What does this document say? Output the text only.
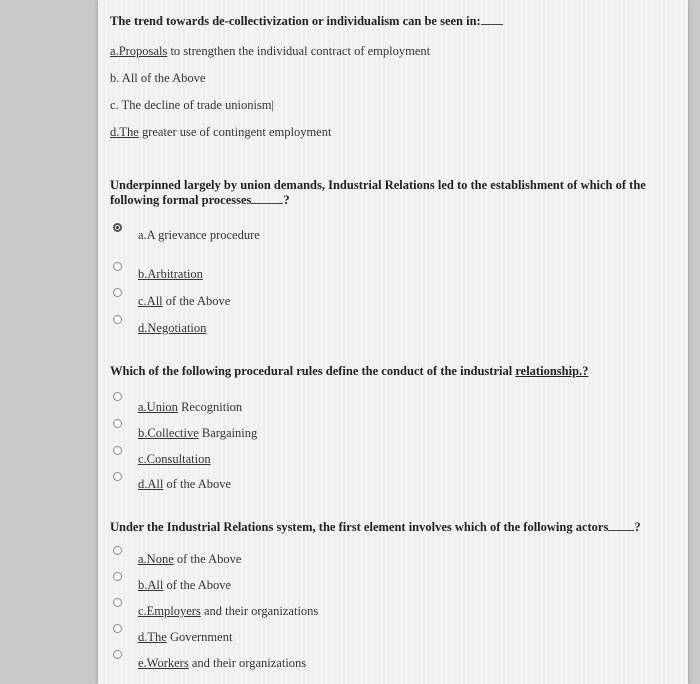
The trend towards de-collectivization or individualism can be seen in:
a.Proposals to strengthen the individual contract of employment
b. All of the Above
c. The decline of trade unionism|
d.The greater use of contingent employment
Underpinned largely by union demands, Industrial Relations led to the establishment of which of the
following formal processes	?
a.A grievance procedure
b.Arbitration
c.All of the Above
d.Negotiation
Which of the following procedural rules define the conduct of the industrial relationship.?
a.Union Recognition
b.Collective Bargaining
c.Consultation
d.All of the Above
Under the Industrial Relations system, the first element involves which of the following actors ?
a.None of the Above
b.All of the Above
c.Employers and their organizations
d.The Government
e.Workers and their organizations
